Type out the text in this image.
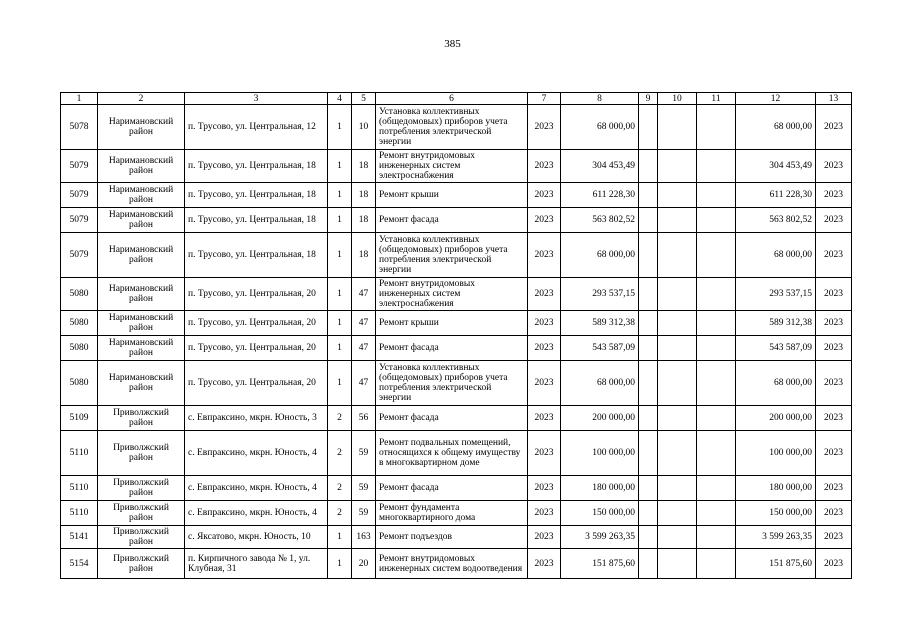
385
1	2	3	4	5	6	7	8	9	10	11	12	13
5078	Наримановский район	п. Трусово, ул. Центральная, 12	1	10	Установка коллективных (общедомовых) приборов учета потребления электрической энергии	2023	68 000,00				68 000,00	2023
5079	Наримановский район	п. Трусово, ул. Центральная, 18	1	18	Ремонт внутридомовых инженерных систем электроснабжения	2023	304 453,49				304 453,49	2023
5079	Наримановский район	п. Трусово, ул. Центральная, 18	1	18	Ремонт крыши	2023	611 228,30				611 228,30	2023
5079	Наримановский район	п. Трусово, ул. Центральная, 18	1	18	Ремонт фасада	2023	563 802,52				563 802,52	2023
5079	Наримановский район	п. Трусово, ул. Центральная, 18	1	18	Установка коллективных (общедомовых) приборов учета потребления электрической энергии	2023	68 000,00				68 000,00	2023
5080	Наримановский район	п. Трусово, ул. Центральная, 20	1	47	Ремонт внутридомовых инженерных систем электроснабжения	2023	293 537,15				293 537,15	2023
5080	Наримановский район	п. Трусово, ул. Центральная, 20	1	47	Ремонт крыши	2023	589 312,38				589 312,38	2023
5080	Наримановский район	п. Трусово, ул. Центральная, 20	1	47	Ремонт фасада	2023	543 587,09				543 587,09	2023
5080	Наримановский район	п. Трусово, ул. Центральная, 20	1	47	Установка коллективных (общедомовых) приборов учета потребления электрической энергии	2023	68 000,00				68 000,00	2023
5109	Приволжский район	с. Евпраксино, мкрн. Юность, 3	2	56	Ремонт фасада	2023	200 000,00				200 000,00	2023
5110	Приволжский район	с. Евпраксино, мкрн. Юность, 4	2	59	Ремонт подвальных помещений, относящихся к общему имуществу в многоквартирном доме	2023	100 000,00				100 000,00	2023
5110	Приволжский район	с. Евпраксино, мкрн. Юность, 4	2	59	Ремонт фасада	2023	180 000,00				180 000,00	2023
5110	Приволжский район	с. Евпраксино, мкрн. Юность, 4	2	59	Ремонт фундамента многоквартирного дома	2023	150 000,00				150 000,00	2023
5141	Приволжский район	с. Яксатово, мкрн. Юность, 10	1	163	Ремонт подъездов	2023	3 599 263,35				3 599 263,35	2023
5154	Приволжский район	п. Кирпичного завода № 1, ул. Клубная, 31	1	20	Ремонт внутридомовых инженерных систем водоотведения	2023	151 875,60				151 875,60	2023
